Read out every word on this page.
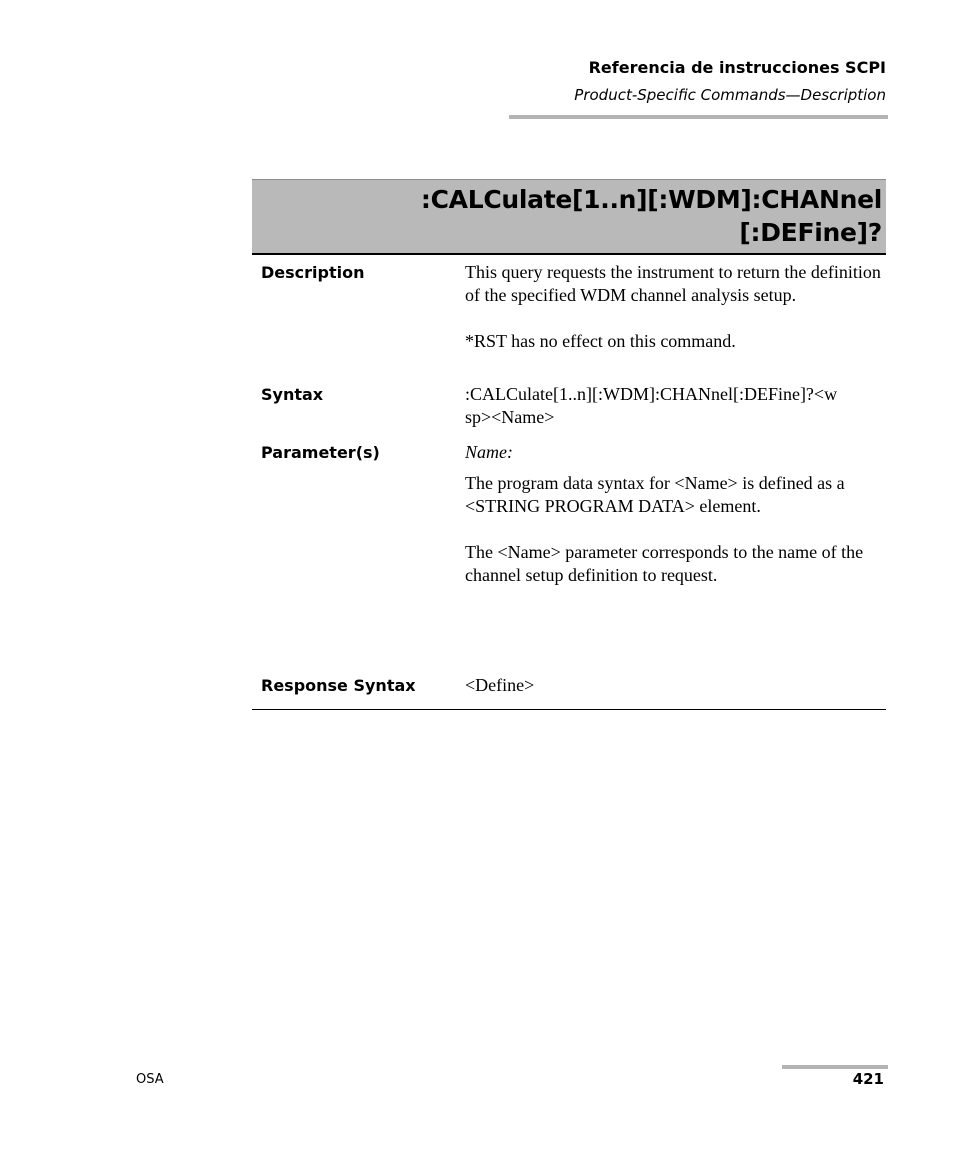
Referencia de instrucciones SCPI
Product-Specific Commands—Description
:CALCulate[1..n][:WDM]:CHANnel
[:DEFine]?
Description	This query requests the instrument to return the definition of the specified WDM channel analysis setup.

*RST has no effect on this command.

Syntax	:CALCulate[1..n][:WDM]:CHANnel[:DEFine]?<w

sp><Name>

Parameter(s)	Name:

The program data syntax for <Name> is defined as a <STRING PROGRAM DATA> element.

The <Name> parameter corresponds to the name of the channel setup definition to request.

Response Syntax	<Define>
OSA	421
